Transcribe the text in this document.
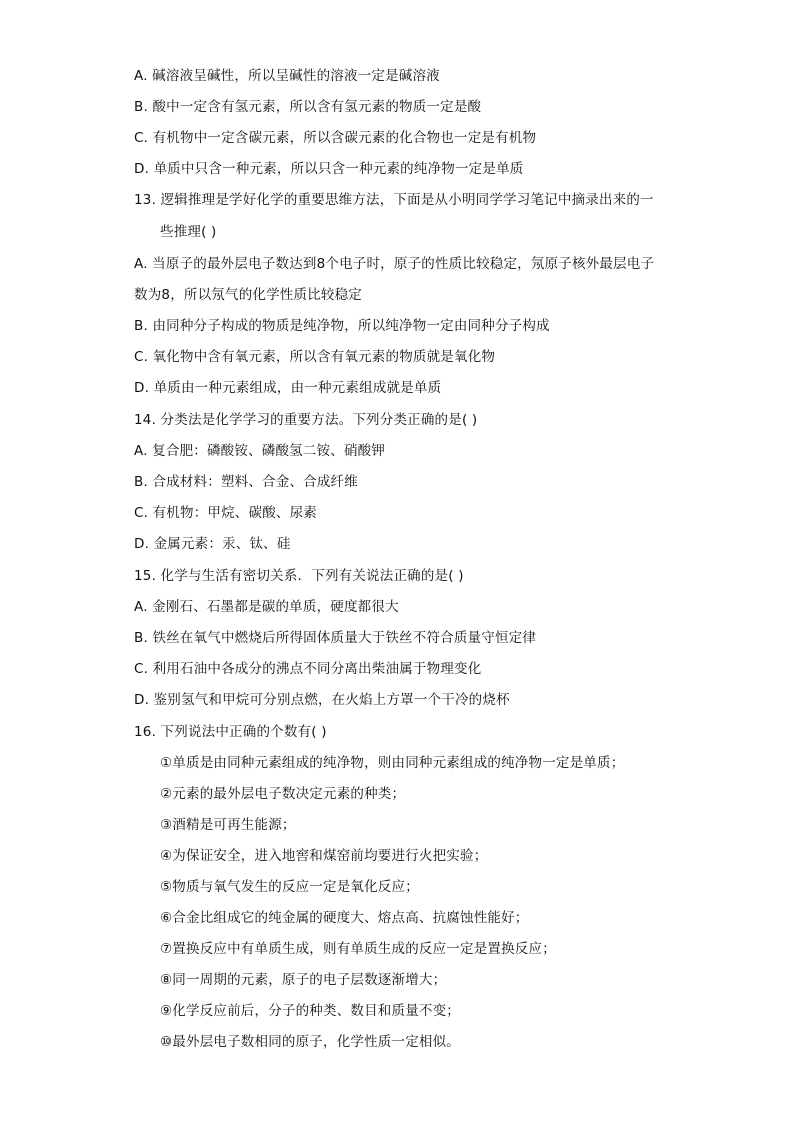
A. 碱溶液呈碱性，所以呈碱性的溶液一定是碱溶液
B. 酸中一定含有氢元素，所以含有氢元素的物质一定是酸
C. 有机物中一定含碳元素，所以含碳元素的化合物也一定是有机物
D. 单质中只含一种元素，所以只含一种元素的纯净物一定是单质
13. 逻辑推理是学好化学的重要思维方法，下面是从小明同学学习笔记中摘录出来的一
些推理( )
A. 当原子的最外层电子数达到8个电子时，原子的性质比较稳定，氖原子核外最层电子
数为8，所以氖气的化学性质比较稳定
B. 由同种分子构成的物质是纯净物，所以纯净物一定由同种分子构成
C. 氧化物中含有氧元素，所以含有氧元素的物质就是氧化物
D. 单质由一种元素组成，由一种元素组成就是单质
14. 分类法是化学学习的重要方法。下列分类正确的是( )
A. 复合肥：磷酸铵、磷酸氢二铵、硝酸钾
B. 合成材料：塑料、合金、合成纤维
C. 有机物：甲烷、碳酸、尿素
D. 金属元素：汞、钛、硅
15. 化学与生活有密切关系．下列有关说法正确的是( )
A. 金刚石、石墨都是碳的单质，硬度都很大
B. 铁丝在氧气中燃烧后所得固体质量大于铁丝不符合质量守恒定律
C. 利用石油中各成分的沸点不同分离出柴油属于物理变化
D. 鉴别氢气和甲烷可分别点燃，在火焰上方罩一个干冷的烧杯
16. 下列说法中正确的个数有( )
①单质是由同种元素组成的纯净物，则由同种元素组成的纯净物一定是单质；
②元素的最外层电子数决定元素的种类；
③酒精是可再生能源；
④为保证安全，进入地窖和煤窑前均要进行火把实验；
⑤物质与氧气发生的反应一定是氧化反应；
⑥合金比组成它的纯金属的硬度大、熔点高、抗腐蚀性能好；
⑦置换反应中有单质生成，则有单质生成的反应一定是置换反应；
⑧同一周期的元素，原子的电子层数逐渐增大；
⑨化学反应前后，分子的种类、数目和质量不变；
⑩最外层电子数相同的原子，化学性质一定相似。
